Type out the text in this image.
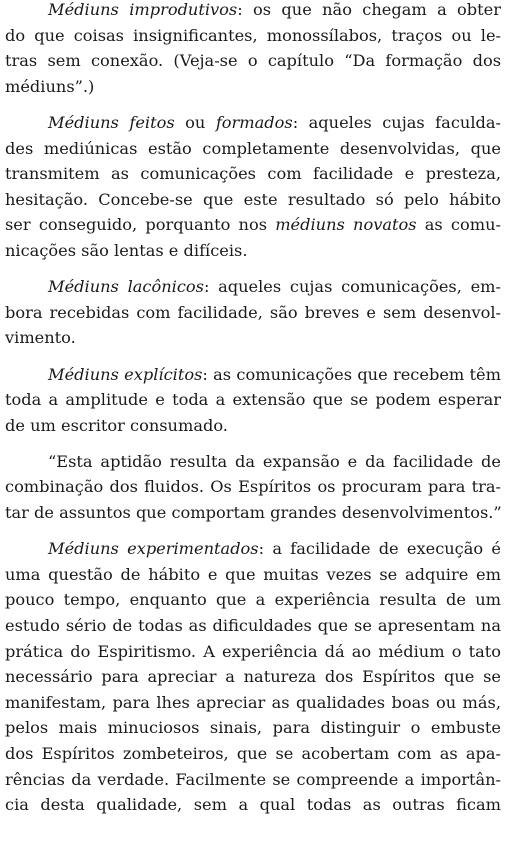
Médiuns improdutivos: os que não chegam a obter
do que coisas insignificantes, monossílabos, traços ou le-
tras sem conexão. (Veja-se o capítulo “Da formação dos
médiuns”.)
Médiuns feitos ou formados: aqueles cujas faculda-
des mediúnicas estão completamente desenvolvidas, que
transmitem as comunicações com facilidade e presteza,
hesitação. Concebe-se que este resultado só pelo hábito
ser conseguido, porquanto nos médiuns novatos as comu-
nicações são lentas e difíceis.
Médiuns lacônicos: aqueles cujas comunicações, em-
bora recebidas com facilidade, são breves e sem desenvol-
vimento.
Médiuns explícitos: as comunicações que recebem têm
toda a amplitude e toda a extensão que se podem esperar
de um escritor consumado.
“Esta aptidão resulta da expansão e da facilidade de
combinação dos fluidos. Os Espíritos os procuram para tra-
tar de assuntos que comportam grandes desenvolvimentos.”
Médiuns experimentados: a facilidade de execução é
uma questão de hábito e que muitas vezes se adquire em
pouco tempo, enquanto que a experiência resulta de um
estudo sério de todas as dificuldades que se apresentam na
prática do Espiritismo. A experiência dá ao médium o tato
necessário para apreciar a natureza dos Espíritos que se
manifestam, para lhes apreciar as qualidades boas ou más,
pelos mais minuciosos sinais, para distinguir o embuste
dos Espíritos zombeteiros, que se acobertam com as apa-
rências da verdade. Facilmente se compreende a importân-
cia desta qualidade, sem a qual todas as outras ficam
